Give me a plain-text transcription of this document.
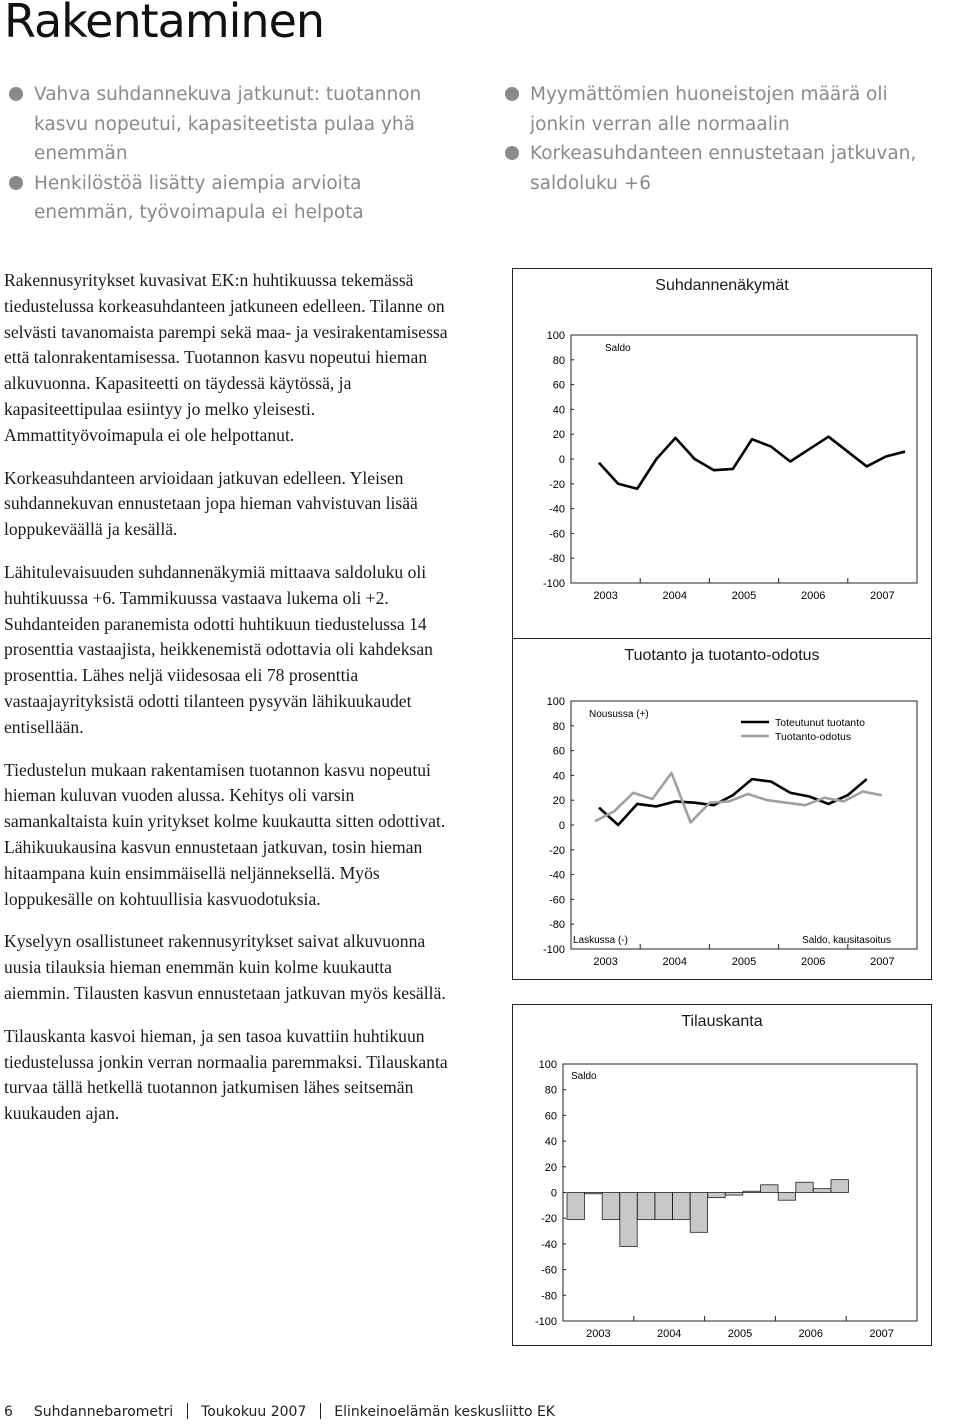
Rakentaminen
Vahva suhdannekuva jatkunut: tuotannon kasvu nopeutui, kapasiteetista pulaa yhä enemmän
Henkilöstöä lisätty aiempia arvioita enemmän, työvoimapula ei helpota
Myymättömien huoneistojen määrä oli jonkin verran alle normaalin
Korkeasuhdanteen ennustetaan jatkuvan, saldoluku +6

Rakennusyritykset kuvasivat EK:n huhtikuussa tekemässä tiedustelussa korkeasuhdanteen jatkuneen edelleen. Tilanne on selvästi tavanomaista parempi sekä maa- ja vesirakentamisessa että talonrakentamisessa. Tuotannon kasvu nopeutui hieman alkuvuonna. Kapasiteetti on täydessä käytössä, ja kapasiteettipulaa esiintyy jo melko yleisesti. Ammattityövoimapula ei ole helpottanut.

Korkeasuhdanteen arvioidaan jatkuvan edelleen. Yleisen suhdannekuvan ennustetaan jopa hieman vahvistuvan lisää loppukeväällä ja kesällä.

Lähitulevaisuuden suhdannenäkymiä mittaava saldoluku oli huhtikuussa +6. Tammikuussa vastaava lukema oli +2. Suhdanteiden paranemista odotti huhtikuun tiedustelussa 14 prosenttia vastaajista, heikkenemistä odottavia oli kahdeksan prosenttia. Lähes neljä viidesosaa eli 78 prosenttia vastaajayrityksistä odotti tilanteen pysyvän lähikuukaudet entisellään.

Tiedustelun mukaan rakentamisen tuotannon kasvu nopeutui hieman kuluvan vuoden alussa. Kehitys oli varsin samankaltaista kuin yritykset kolme kuukautta sitten odottivat. Lähikuukausina kasvun ennustetaan jatkuvan, tosin hieman hitaampana kuin ensimmäisellä neljänneksellä. Myös loppukesälle on kohtuullisia kasvuodotuksia.

Kyselyyn osallistuneet rakennusyritykset saivat alkuvuonna uusia tilauksia hieman enemmän kuin kolme kuukautta aiemmin. Tilausten kasvun ennustetaan jatkuvan myös kesällä.

Tilauskanta kasvoi hieman, ja sen tasoa kuvattiin huhtikuun tiedustelussa jonkin verran normaalia paremmaksi. Tilauskanta turvaa tällä hetkellä tuotannon jatkumisen lähes seitsemän kuukauden ajan.

Suhdannenäkymät
100
80
60
40
20
0
-20
-40
-60
-80
-100
2003	2004	2005	2006	2007
Saldo
Tuotanto ja tuotanto-odotus
100
80
60
40
20
0
-20
-40
-60
-80
-100
2003	2004	2005	2006	2007
Nousussa (+)
Laskussa (-)	Saldo, kausitasoitus
Toteutunut tuotanto
Tuotanto-odotus
Tilauskanta
100
80
60
40
20
0
-20
-40
-60
-80
-100
2003	2004	2005	2006	2007
Saldo
6 Suhdannebarometri Toukokuu 2007 Elinkeinoelämän keskusliitto EK
